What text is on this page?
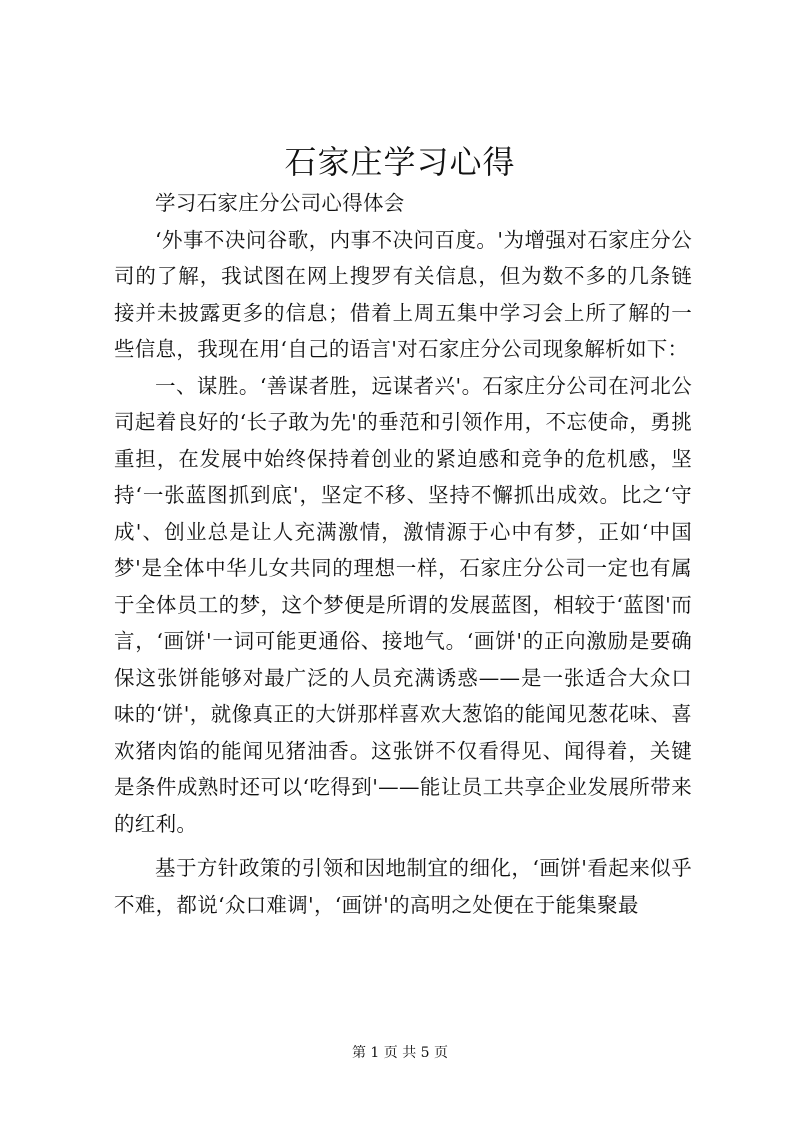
石家庄学习心得

学习石家庄分公司心得体会

‘外事不决问谷歌，内事不决问百度。'为增强对石家庄分公司的了解，我试图在网上搜罗有关信息，但为数不多的几条链接并未披露更多的信息；借着上周五集中学习会上所了解的一些信息，我现在用‘自己的语言'对石家庄分公司现象解析如下：

一、谋胜。‘善谋者胜，远谋者兴'。石家庄分公司在河北公司起着良好的‘长子敢为先'的垂范和引领作用，不忘使命，勇挑重担，在发展中始终保持着创业的紧迫感和竞争的危机感，坚持‘一张蓝图抓到底'，坚定不移、坚持不懈抓出成效。比之‘守成'、创业总是让人充满激情，激情源于心中有梦，正如‘中国梦'是全体中华儿女共同的理想一样，石家庄分公司一定也有属于全体员工的梦，这个梦便是所谓的发展蓝图，相较于‘蓝图'而言，‘画饼'一词可能更通俗、接地气。‘画饼'的正向激励是要确保这张饼能够对最广泛的人员充满诱惑——是一张适合大众口味的‘饼'，就像真正的大饼那样喜欢大葱馅的能闻见葱花味、喜欢猪肉馅的能闻见猪油香。这张饼不仅看得见、闻得着，关键是条件成熟时还可以‘吃得到'——能让员工共享企业发展所带来的红利。

基于方针政策的引领和因地制宜的细化，‘画饼'看起来似乎不难，都说‘众口难调'，‘画饼'的高明之处便在于能集聚最

第 1 页 共 5 页
